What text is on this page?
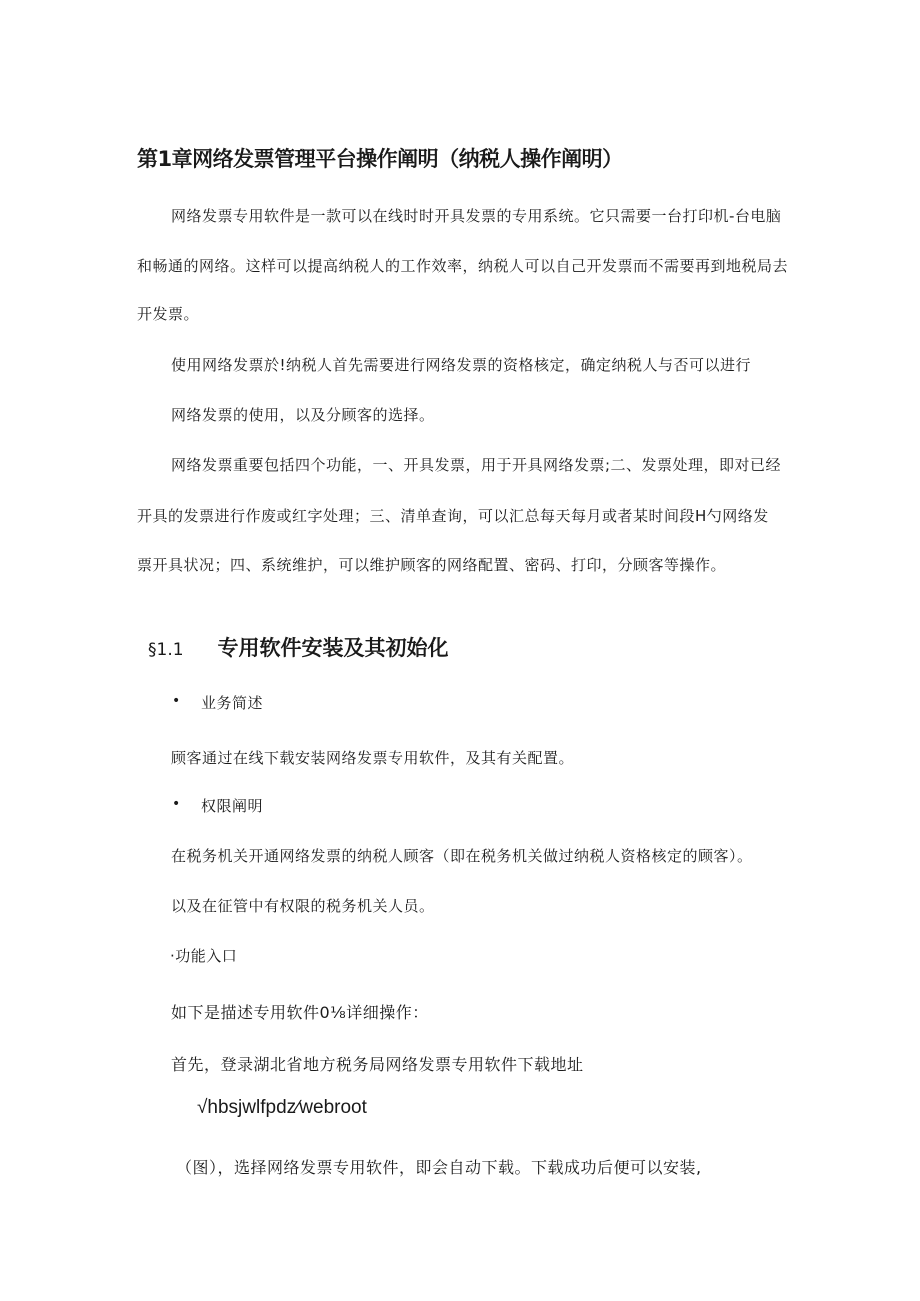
第1章网络发票管理平台操作阐明（纳税人操作阐明）
网络发票专用软件是一款可以在线时时开具发票的专用系统。它只需要一台打印机-台电脑
和畅通的网络。这样可以提高纳税人的工作效率，纳税人可以自己开发票而不需要再到地税局去
开发票。
使用网络发票於!纳税人首先需要进行网络发票的资格核定，确定纳税人与否可以进行
网络发票的使用，以及分顾客的选择。
网络发票重要包括四个功能，一、开具发票，用于开具网络发票;二、发票处理，即对已经
开具的发票进行作废或红字处理；三、清单查询，可以汇总每天每月或者某时间段H勺网络发
票开具状况；四、系统维护，可以维护顾客的网络配置、密码、打印，分顾客等操作。
§1.1 专用软件安装及其初始化
• 业务简述
顾客通过在线下载安装网络发票专用软件，及其有关配置。
• 权限阐明
在税务机关开通网络发票的纳税人顾客（即在税务机关做过纳税人资格核定的顾客）。
以及在征管中有权限的税务机关人员。
·功能入口
如下是描述专用软件0⅛详细操作：
首先，登录湖北省地方税务局网络发票专用软件下载地址
√hbsjwlfpdz∕webroot
（图），选择网络发票专用软件，即会自动下载。下载成功后便可以安装,
